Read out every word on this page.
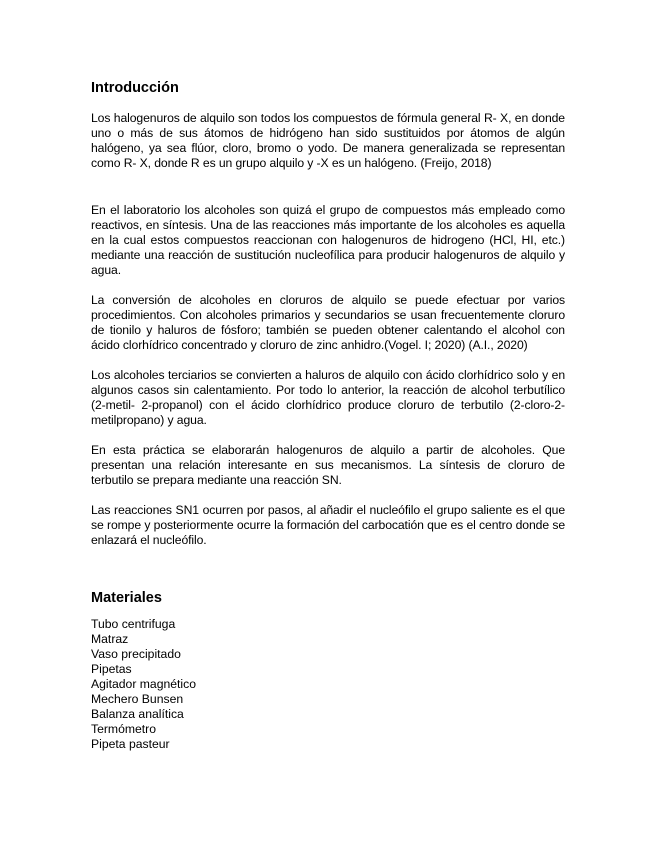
Introducción

Los halogenuros de alquilo son todos los compuestos de fórmula general R- X, en donde uno o más de sus átomos de hidrógeno han sido sustituidos por átomos de algún halógeno, ya sea flúor, cloro, bromo o yodo. De manera generalizada se representan como R- X, donde R es un grupo alquilo y -X es un halógeno. (Freijo, 2018)

En el laboratorio los alcoholes son quizá el grupo de compuestos más empleado como reactivos, en síntesis. Una de las reacciones más importante de los alcoholes es aquella en la cual estos compuestos reaccionan con halogenuros de hidrogeno (HCl, HI, etc.) mediante una reacción de sustitución nucleofílica para producir halogenuros de alquilo y agua.

La conversión de alcoholes en cloruros de alquilo se puede efectuar por varios procedimientos. Con alcoholes primarios y secundarios se usan frecuentemente cloruro de tionilo y haluros de fósforo; también se pueden obtener calentando el alcohol con ácido clorhídrico concentrado y cloruro de zinc anhidro.(Vogel. I; 2020) (A.I., 2020)

Los alcoholes terciarios se convierten a haluros de alquilo con ácido clorhídrico solo y en algunos casos sin calentamiento. Por todo lo anterior, la reacción de alcohol terbutílico (2-metil- 2-propanol) con el ácido clorhídrico produce cloruro de terbutilo (2-cloro-2- metilpropano) y agua.

En esta práctica se elaborarán halogenuros de alquilo a partir de alcoholes. Que presentan una relación interesante en sus mecanismos. La síntesis de cloruro de terbutilo se prepara mediante una reacción SN.

Las reacciones SN1 ocurren por pasos, al añadir el nucleófilo el grupo saliente es el que se rompe y posteriormente ocurre la formación del carbocatión que es el centro donde se enlazará el nucleófilo.

Materiales
Tubo centrifuga
Matraz
Vaso precipitado
Pipetas
Agitador magnético
Mechero Bunsen
Balanza analítica
Termómetro
Pipeta pasteur
